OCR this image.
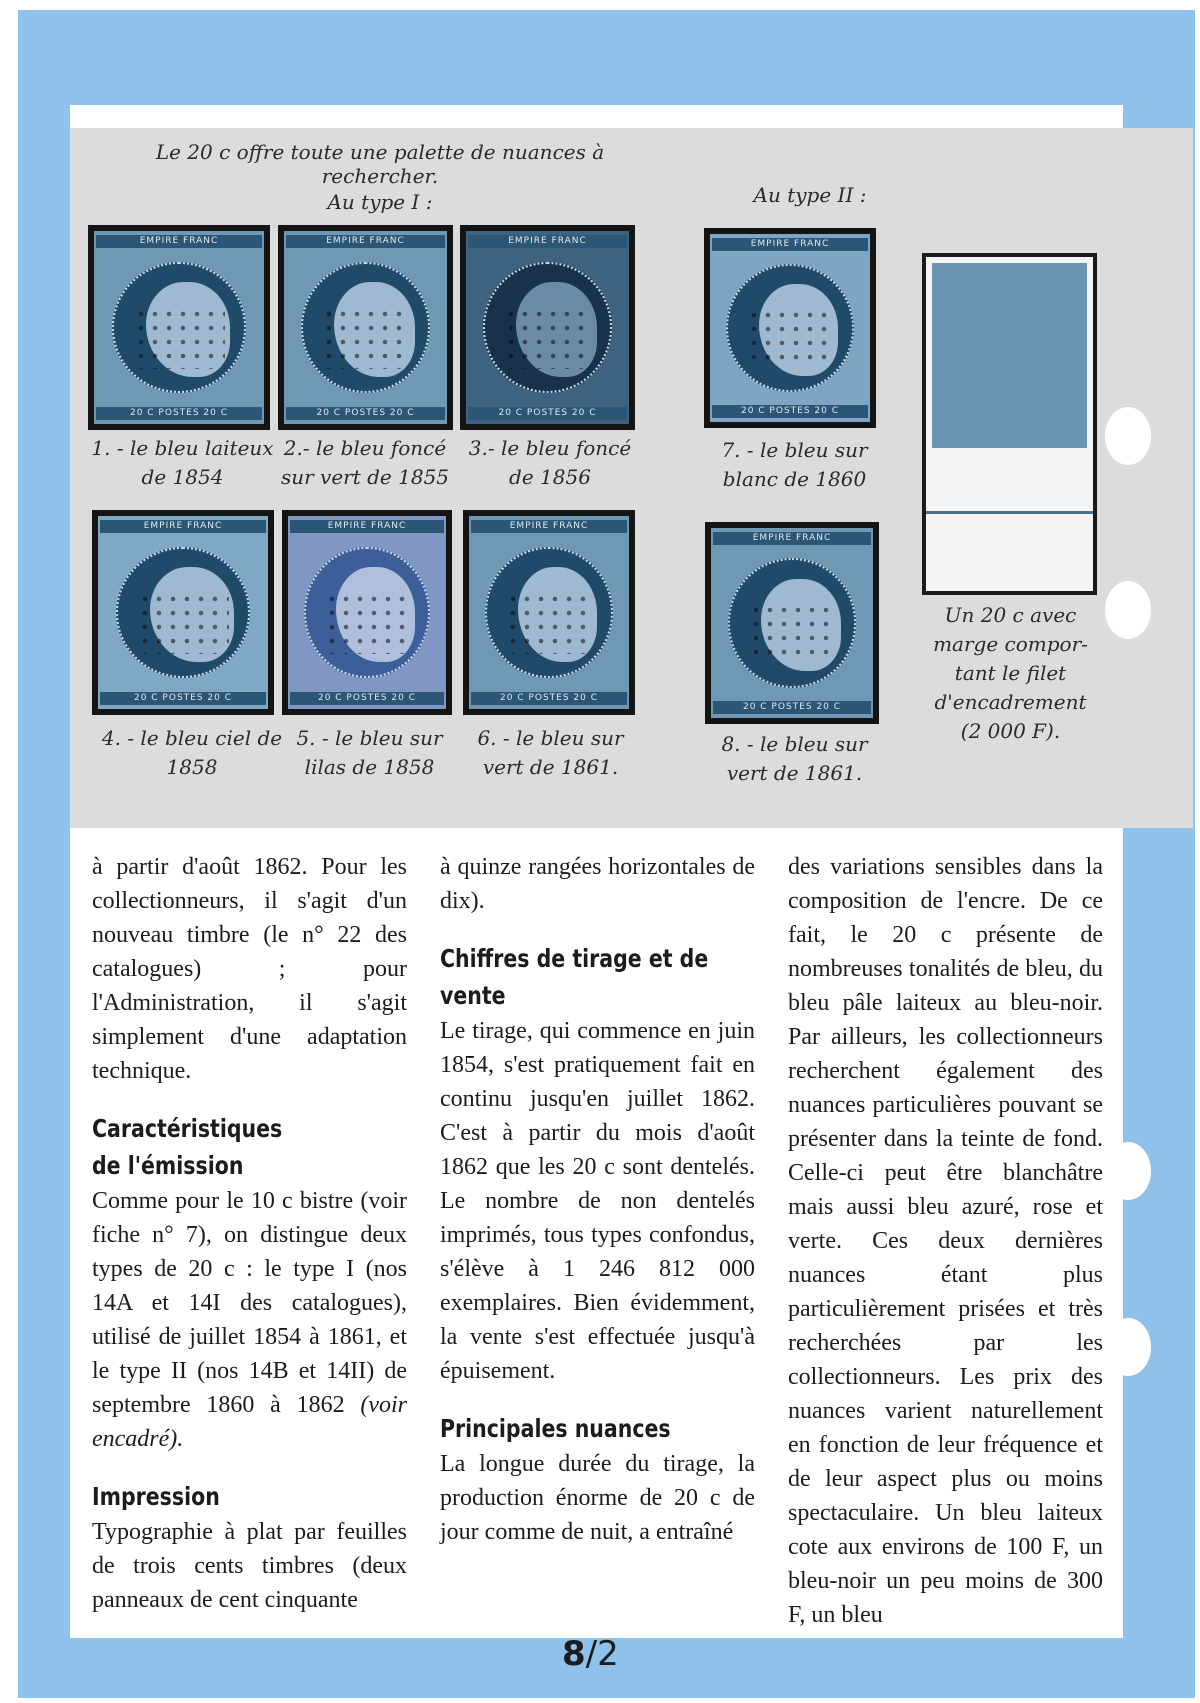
Le 20 c offre toute une palette de nuances à rechercher.
Au type I :	Au type II :
EMPIRE FRANC
20 C POSTES 20 C
EMPIRE FRANC
20 C POSTES 20 C
EMPIRE FRANC
20 C POSTES 20 C
EMPIRE FRANC
20 C POSTES 20 C
EMPIRE FRANC
20 C POSTES 20 C
EMPIRE FRANC
20 C POSTES 20 C
EMPIRE FRANC
20 C POSTES 20 C
EMPIRE FRANC
20 C POSTES 20 C
1. - le bleu laiteux
de 1854
2.- le bleu foncé
sur vert de 1855
3.- le bleu foncé
de 1856
4. - le bleu ciel de
1858
5. - le bleu sur
lilas de 1858
6. - le bleu sur
vert de 1861.
7. - le bleu sur
blanc de 1860
8. - le bleu sur
vert de 1861.
Un 20 c avec
marge compor-
tant le filet
d'encadrement
(2 000 F).

à partir d'août 1862. Pour les collectionneurs, il s'agit d'un nouveau timbre (le n° 22 des catalogues) ; pour l'Administration, il s'agit simplement d'une adaptation technique.

Caractéristiques de l'émission

Comme pour le 10 c bistre (voir fiche n° 7), on distingue deux types de 20 c : le type I (nos 14A et 14I des catalogues), utilisé de juillet 1854 à 1861, et le type II (nos 14B et 14II) de septembre 1860 à 1862 (voir encadré).

Impression

Typographie à plat par feuilles de trois cents timbres (deux panneaux de cent cinquante

à quinze rangées horizontales de dix).

Chiffres de tirage et de vente

Le tirage, qui commence en juin 1854, s'est pratiquement fait en continu jusqu'en juillet 1862. C'est à partir du mois d'août 1862 que les 20 c sont dentelés. Le nombre de non dentelés imprimés, tous types confondus, s'élève à 1 246 812 000 exemplaires. Bien évidemment, la vente s'est effectuée jusqu'à épuisement.

Principales nuances

La longue durée du tirage, la production énorme de 20 c de jour comme de nuit, a entraîné

des variations sensibles dans la composition de l'encre. De ce fait, le 20 c présente de nombreuses tonalités de bleu, du bleu pâle laiteux au bleu-noir. Par ailleurs, les collectionneurs recherchent également des nuances particulières pouvant se présenter dans la teinte de fond. Celle-ci peut être blanchâtre mais aussi bleu azuré, rose et verte. Ces deux dernières nuances étant plus particulièrement prisées et très recherchées par les collectionneurs. Les prix des nuances varient naturellement en fonction de leur fréquence et de leur aspect plus ou moins spectaculaire. Un bleu laiteux cote aux environs de 100 F, un bleu-noir un peu moins de 300 F, un bleu

8/2
